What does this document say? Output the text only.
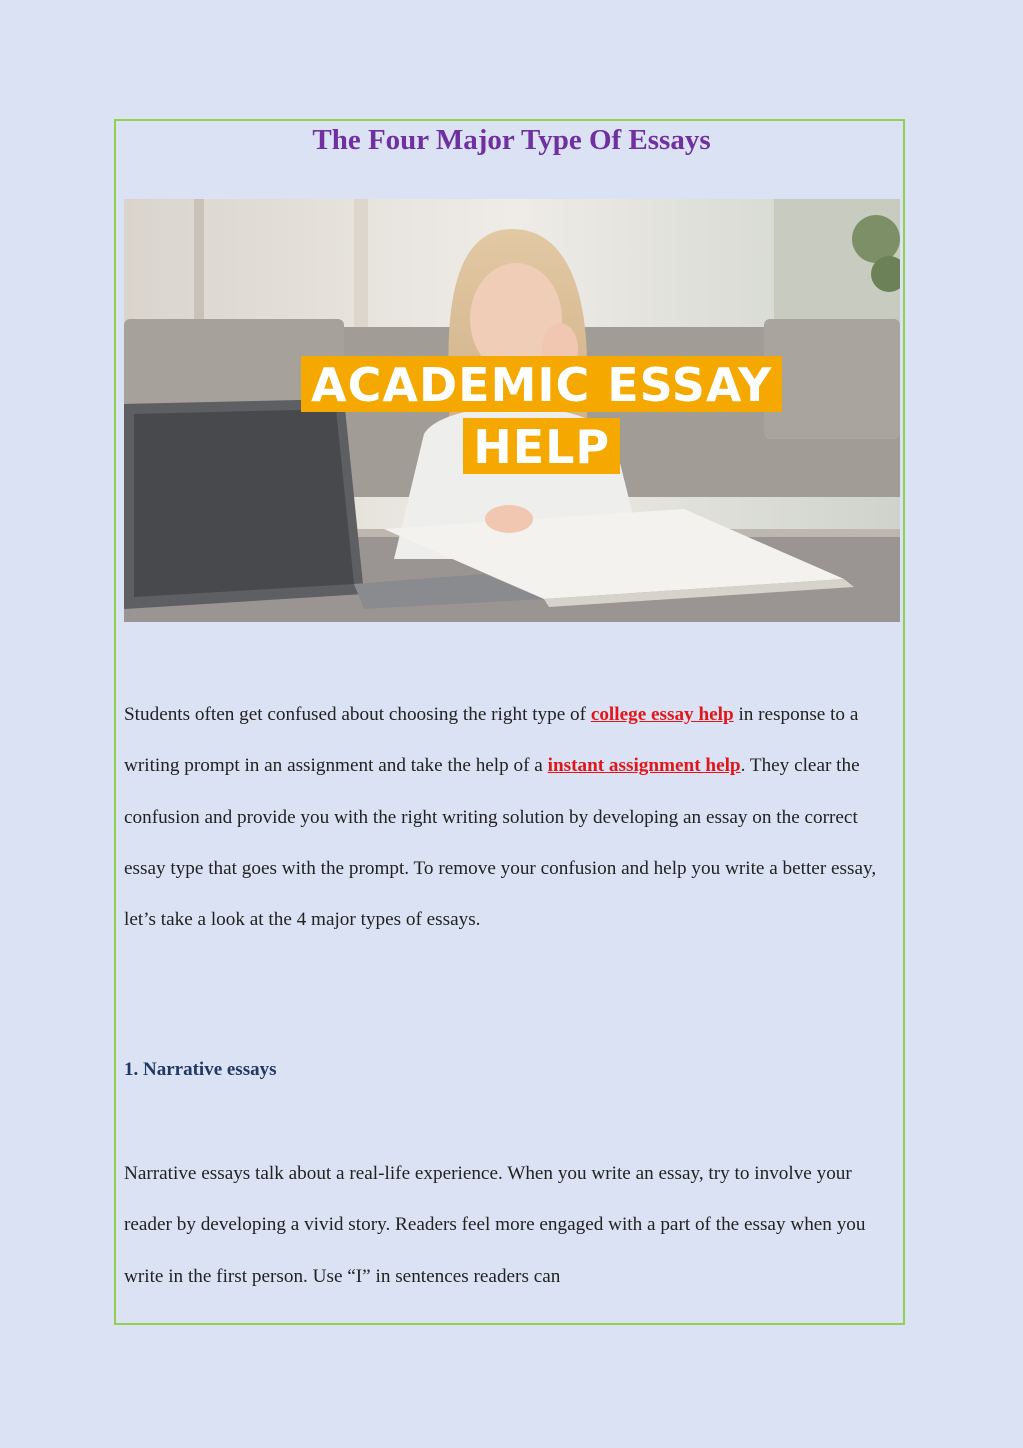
The Four Major Type Of Essays
ACADEMIC ESSAY
HELP

Students often get confused about choosing the right type of college essay help in response to a writing prompt in an assignment and take the help of a instant assignment help. They clear the confusion and provide you with the right writing solution by developing an essay on the correct essay type that goes with the prompt. To remove your confusion and help you write a better essay, let’s take a look at the 4 major types of essays.

1. Narrative essays

Narrative essays talk about a real-life experience. When you write an essay, try to involve your reader by developing a vivid story. Readers feel more engaged with a part of the essay when you write in the first person. Use “I” in sentences readers can
